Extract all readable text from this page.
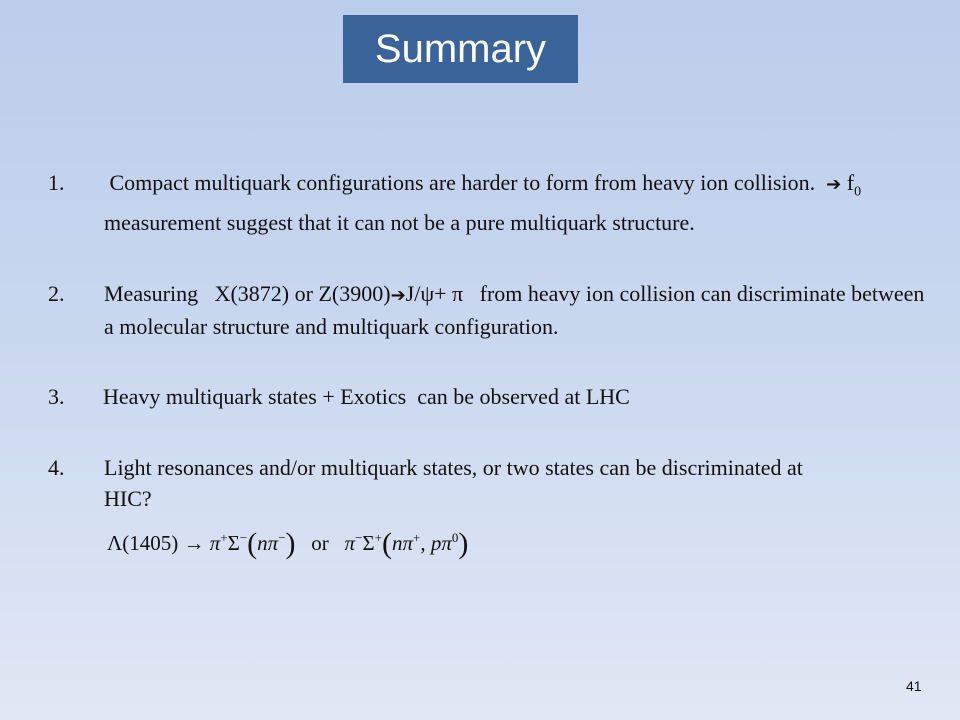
Summary
1. Compact multiquark configurations are harder to form from heavy ion collision. ➔ $f_0$ measurement suggest that it can not be a pure multiquark structure.
2. Measuring X(3872) or Z(3900)➔J/ψ+ π from heavy ion collision can discriminate between a molecular structure and multiquark configuration.
3. Heavy multiquark states + Exotics  can be observed at LHC
4. Light resonances and/or multiquark states, or two states can be discriminated at HIC?
Λ(1405) → π+Σ−(nπ−) or π−Σ+(nπ+, $p\pi^0$)
41
